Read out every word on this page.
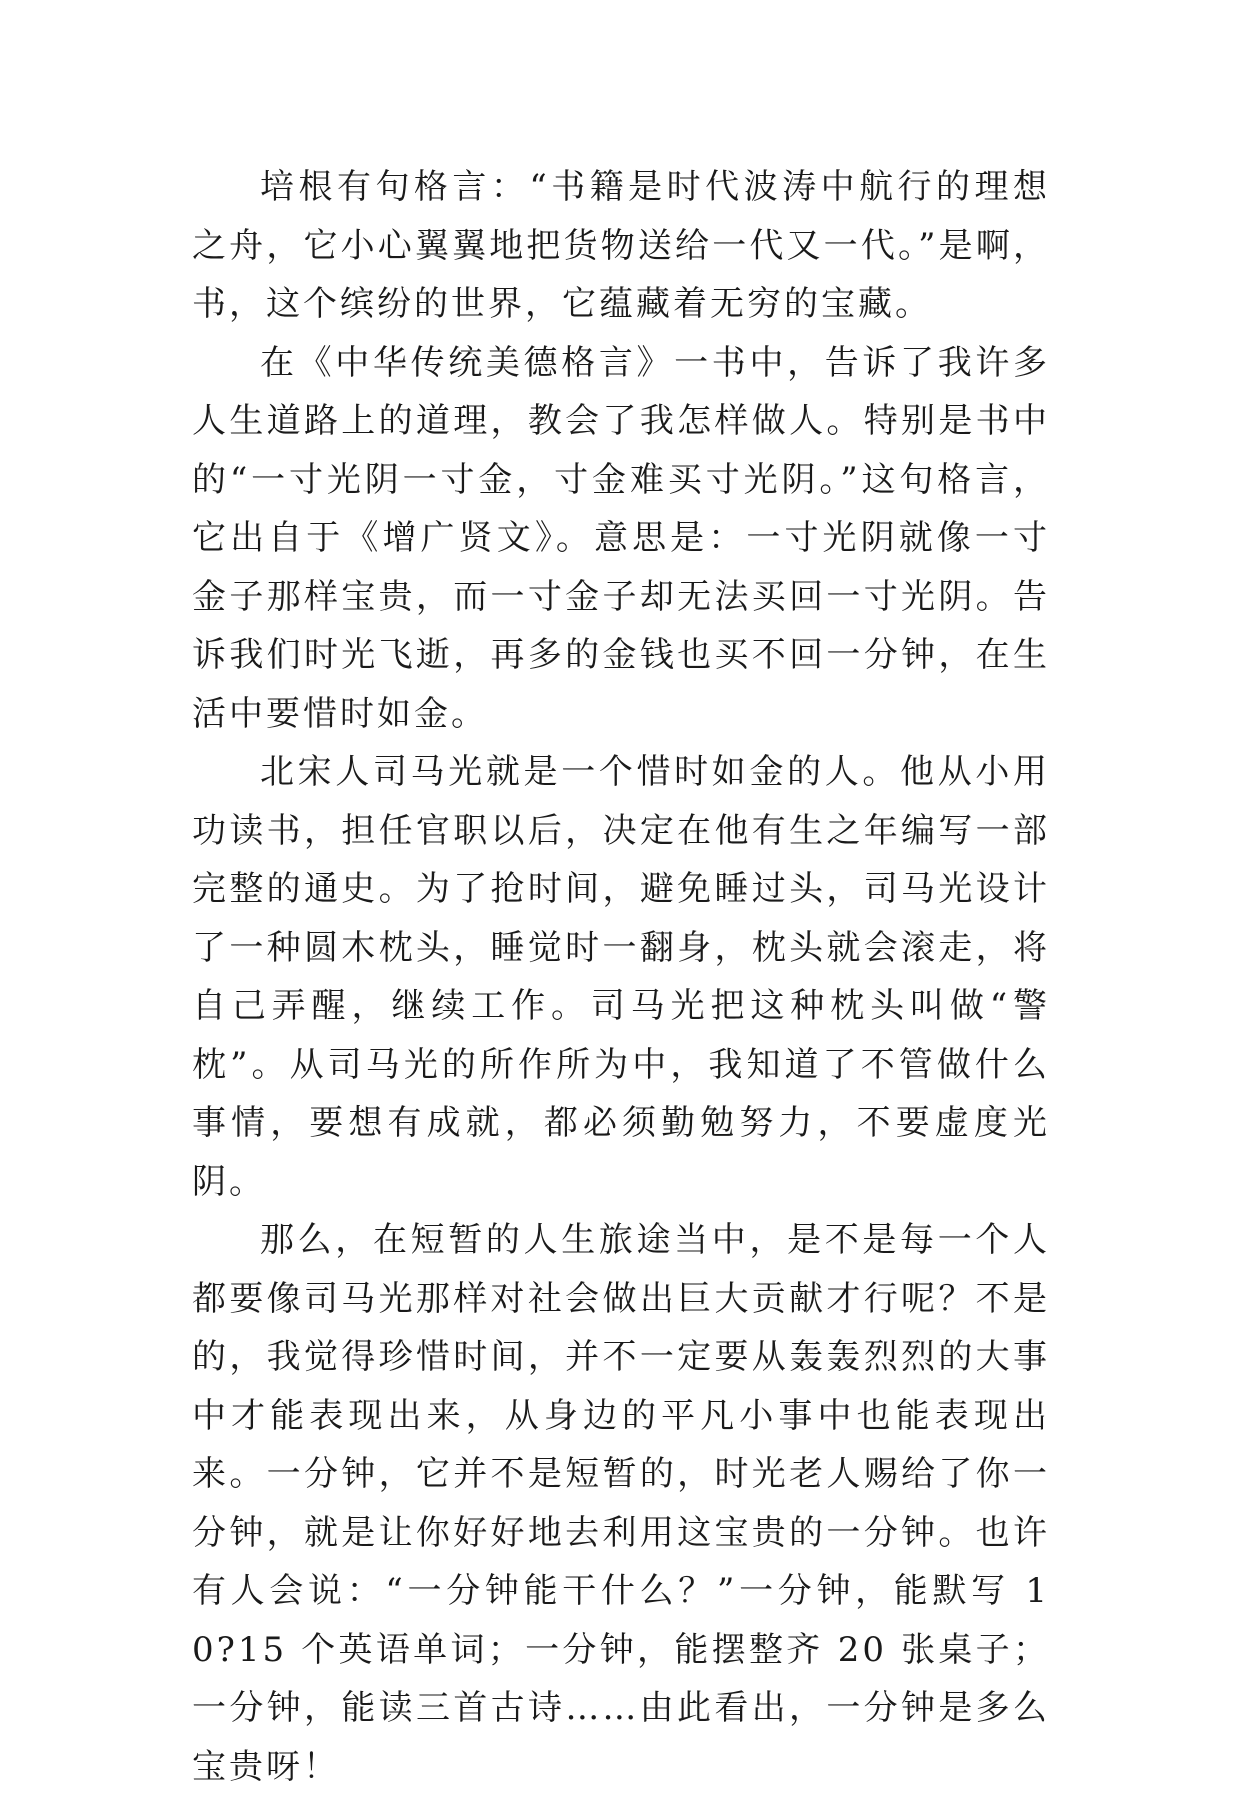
培根有句格言：“书籍是时代波涛中航行的理想之舟，它小心翼翼地把货物送给一代又一代。”是啊，书，这个缤纷的世界，它蕴藏着无穷的宝藏。

在《中华传统美德格言》一书中，告诉了我许多人生道路上的道理，教会了我怎样做人。特别是书中的“一寸光阴一寸金，寸金难买寸光阴。”这句格言，它出自于《增广贤文》。意思是：一寸光阴就像一寸金子那样宝贵，而一寸金子却无法买回一寸光阴。告诉我们时光飞逝，再多的金钱也买不回一分钟，在生活中要惜时如金。

北宋人司马光就是一个惜时如金的人。他从小用功读书，担任官职以后，决定在他有生之年编写一部完整的通史。为了抢时间，避免睡过头，司马光设计了一种圆木枕头，睡觉时一翻身，枕头就会滚走，将自己弄醒，继续工作。司马光把这种枕头叫做“警枕”。从司马光的所作所为中，我知道了不管做什么事情，要想有成就，都必须勤勉努力，不要虚度光阴。

那么，在短暂的人生旅途当中，是不是每一个人都要像司马光那样对社会做出巨大贡献才行呢？不是的，我觉得珍惜时间，并不一定要从轰轰烈烈的大事中才能表现出来，从身边的平凡小事中也能表现出来。一分钟，它并不是短暂的，时光老人赐给了你一分钟，就是让你好好地去利用这宝贵的一分钟。也许有人会说：“一分钟能干什么？”一分钟，能默写 10?15 个英语单词；一分钟，能摆整齐 20 张桌子；一分钟，能读三首古诗……由此看出，一分钟是多么宝贵呀！
